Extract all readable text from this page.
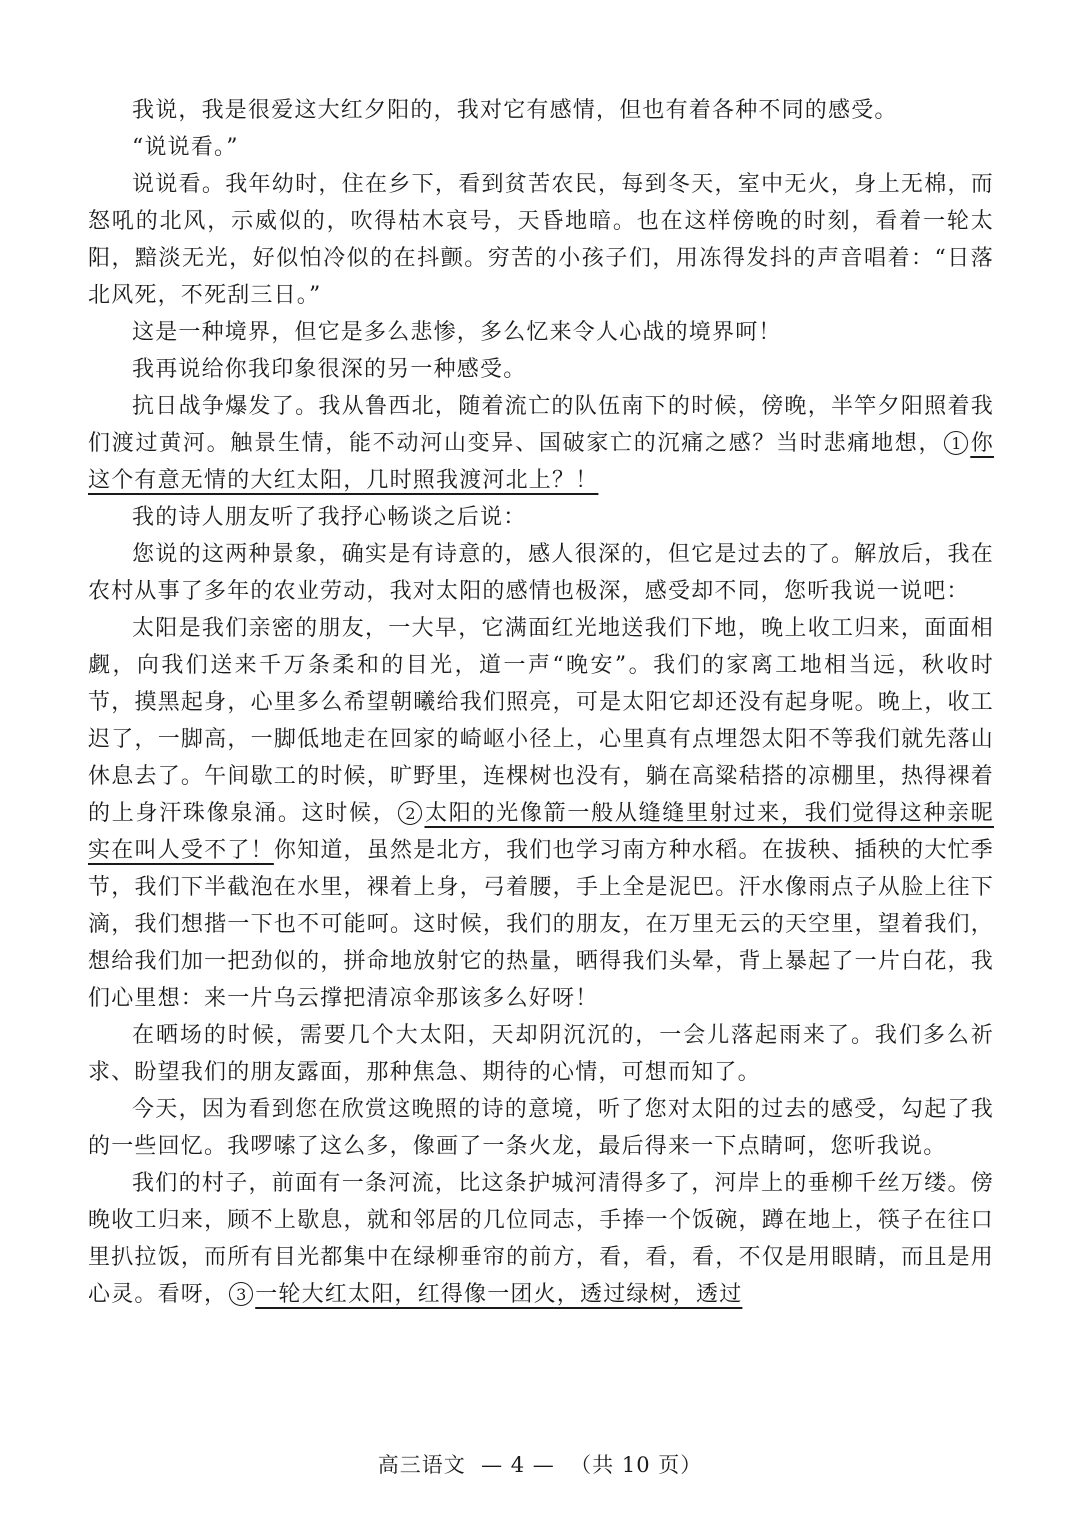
我说，我是很爱这大红夕阳的，我对它有感情，但也有着各种不同的感受。

“说说看。”

说说看。我年幼时，住在乡下，看到贫苦农民，每到冬天，室中无火，身上无棉，而怒吼的北风，示威似的，吹得枯木哀号，天昏地暗。也在这样傍晚的时刻，看着一轮太阳，黯淡无光，好似怕冷似的在抖颤。穷苦的小孩子们，用冻得发抖的声音唱着：“日落北风死，不死刮三日。”

这是一种境界，但它是多么悲惨，多么忆来令人心战的境界呵！

我再说给你我印象很深的另一种感受。

抗日战争爆发了。我从鲁西北，随着流亡的队伍南下的时候，傍晚，半竿夕阳照着我们渡过黄河。触景生情，能不动河山变异、国破家亡的沉痛之感？当时悲痛地想， 1 你这个有意无情的大红太阳，几时照我渡河北上？！

我的诗人朋友听了我抒心畅谈之后说：

您说的这两种景象，确实是有诗意的，感人很深的，但它是过去的了。解放后，我在农村从事了多年的农业劳动，我对太阳的感情也极深，感受却不同，您听我说一说吧：

太阳是我们亲密的朋友，一大早，它满面红光地送我们下地，晚上收工归来，面面相觑，向我们送来千万条柔和的目光，道一声“晚安”。我们的家离工地相当远，秋收时节，摸黑起身，心里多么希望朝曦给我们照亮，可是太阳它却还没有起身呢。晚上，收工迟了，一脚高，一脚低地走在回家的崎岖小径上，心里真有点埋怨太阳不等我们就先落山休息去了。午间歇工的时候，旷野里，连棵树也没有，躺在高粱秸搭的凉棚里，热得裸着的上身汗珠像泉涌。这时候， 2 太阳的光像箭一般从缝缝里射过来，我们觉得这种亲昵实在叫人受不了！你知道，虽然是北方，我们也学习南方种水稻。在拔秧、插秧的大忙季节，我们下半截泡在水里，裸着上身，弓着腰，手上全是泥巴。汗水像雨点子从脸上往下滴，我们想揩一下也不可能呵。这时候，我们的朋友，在万里无云的天空里，望着我们，想给我们加一把劲似的，拼命地放射它的热量，晒得我们头晕，背上暴起了一片白花，我们心里想：来一片乌云撑把清凉伞那该多么好呀！

在晒场的时候，需要几个大太阳，天却阴沉沉的，一会儿落起雨来了。我们多么祈求、盼望我们的朋友露面，那种焦急、期待的心情，可想而知了。

今天，因为看到您在欣赏这晚照的诗的意境，听了您对太阳的过去的感受，勾起了我的一些回忆。我啰嗦了这么多，像画了一条火龙，最后得来一下点睛呵，您听我说。

我们的村子，前面有一条河流，比这条护城河清得多了，河岸上的垂柳千丝万缕。傍晚收工归来，顾不上歇息，就和邻居的几位同志，手捧一个饭碗，蹲在地上，筷子在往口里扒拉饭，而所有目光都集中在绿柳垂帘的前方，看，看，看，不仅是用眼睛，而且是用心灵。看呀， 3 一轮大红太阳，红得像一团火，透过绿树，透过

高三语文  — 4 —  （共 10 页）
